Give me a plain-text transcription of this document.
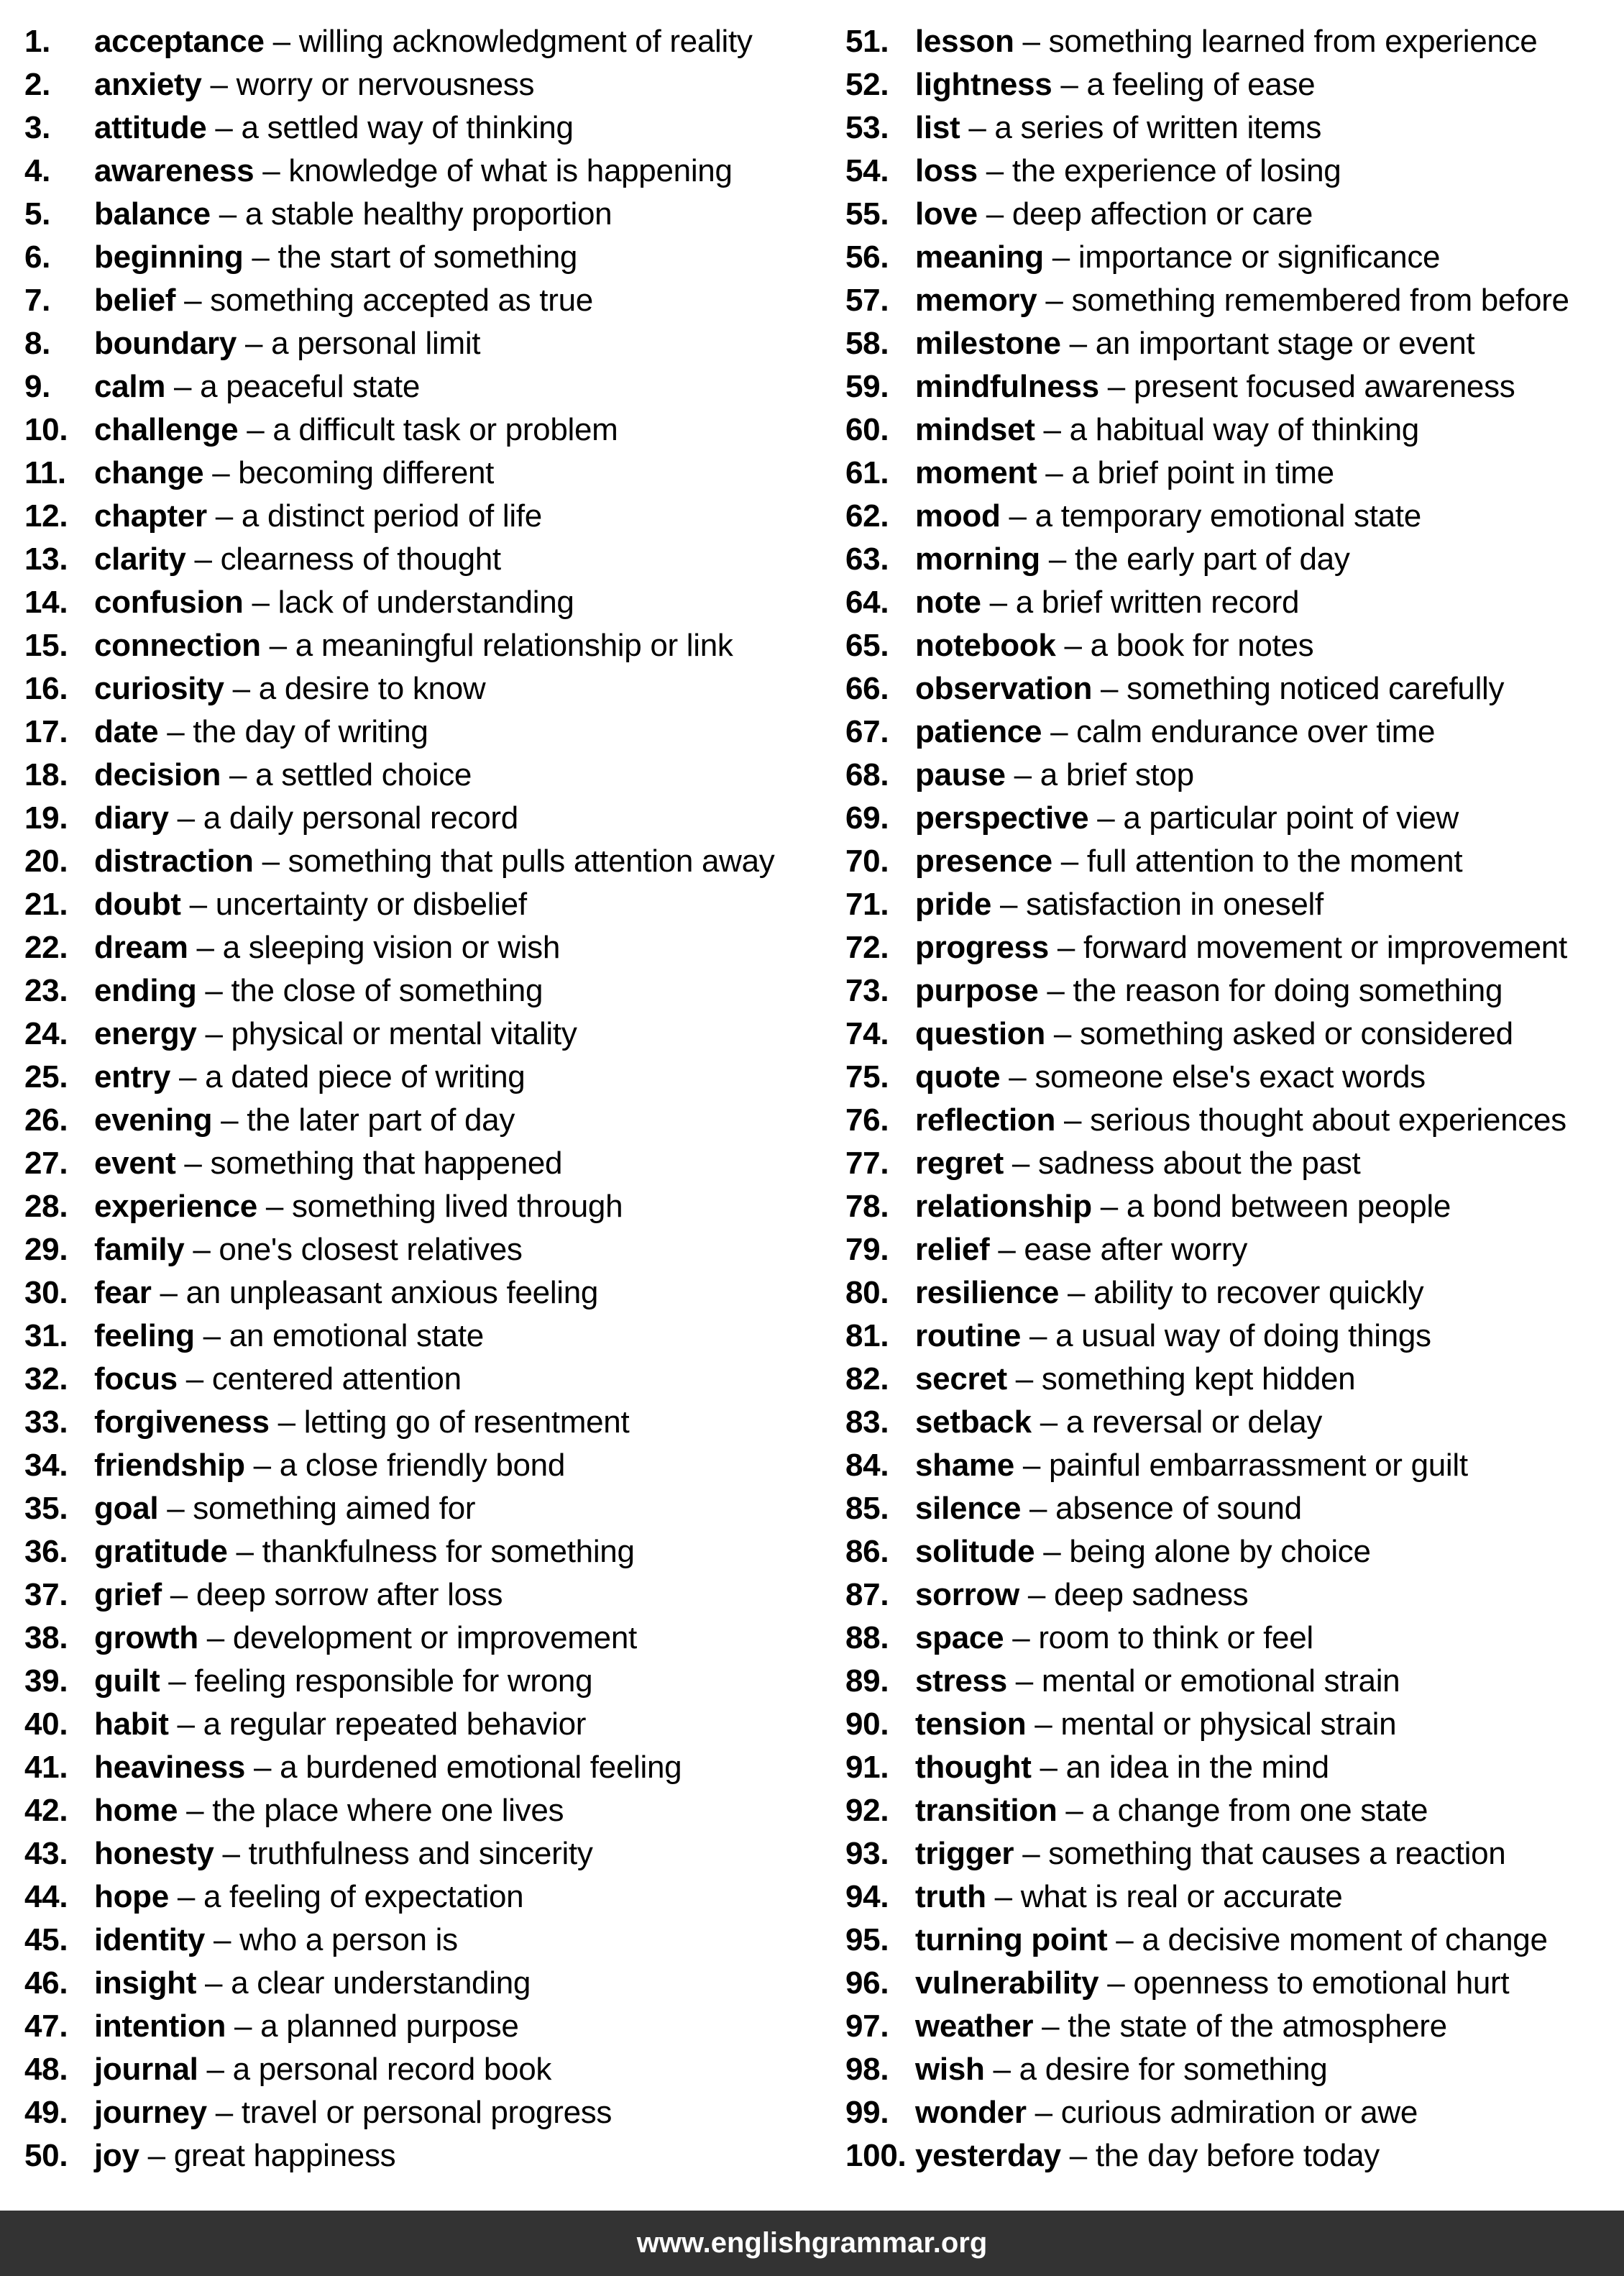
1. acceptance – willing acknowledgment of reality
2. anxiety – worry or nervousness
3. attitude – a settled way of thinking
4. awareness – knowledge of what is happening
5. balance – a stable healthy proportion
6. beginning – the start of something
7. belief – something accepted as true
8. boundary – a personal limit
9. calm – a peaceful state
10. challenge – a difficult task or problem
11. change – becoming different
12. chapter – a distinct period of life
13. clarity – clearness of thought
14. confusion – lack of understanding
15. connection – a meaningful relationship or link
16. curiosity – a desire to know
17. date – the day of writing
18. decision – a settled choice
19. diary – a daily personal record
20. distraction – something that pulls attention away
21. doubt – uncertainty or disbelief
22. dream – a sleeping vision or wish
23. ending – the close of something
24. energy – physical or mental vitality
25. entry – a dated piece of writing
26. evening – the later part of day
27. event – something that happened
28. experience – something lived through
29. family – one's closest relatives
30. fear – an unpleasant anxious feeling
31. feeling – an emotional state
32. focus – centered attention
33. forgiveness – letting go of resentment
34. friendship – a close friendly bond
35. goal – something aimed for
36. gratitude – thankfulness for something
37. grief – deep sorrow after loss
38. growth – development or improvement
39. guilt – feeling responsible for wrong
40. habit – a regular repeated behavior
41. heaviness – a burdened emotional feeling
42. home – the place where one lives
43. honesty – truthfulness and sincerity
44. hope – a feeling of expectation
45. identity – who a person is
46. insight – a clear understanding
47. intention – a planned purpose
48. journal – a personal record book
49. journey – travel or personal progress
50. joy – great happiness
51. lesson – something learned from experience
52. lightness – a feeling of ease
53. list – a series of written items
54. loss – the experience of losing
55. love – deep affection or care
56. meaning – importance or significance
57. memory – something remembered from before
58. milestone – an important stage or event
59. mindfulness – present focused awareness
60. mindset – a habitual way of thinking
61. moment – a brief point in time
62. mood – a temporary emotional state
63. morning – the early part of day
64. note – a brief written record
65. notebook – a book for notes
66. observation – something noticed carefully
67. patience – calm endurance over time
68. pause – a brief stop
69. perspective – a particular point of view
70. presence – full attention to the moment
71. pride – satisfaction in oneself
72. progress – forward movement or improvement
73. purpose – the reason for doing something
74. question – something asked or considered
75. quote – someone else's exact words
76. reflection – serious thought about experiences
77. regret – sadness about the past
78. relationship – a bond between people
79. relief – ease after worry
80. resilience – ability to recover quickly
81. routine – a usual way of doing things
82. secret – something kept hidden
83. setback – a reversal or delay
84. shame – painful embarrassment or guilt
85. silence – absence of sound
86. solitude – being alone by choice
87. sorrow – deep sadness
88. space – room to think or feel
89. stress – mental or emotional strain
90. tension – mental or physical strain
91. thought – an idea in the mind
92. transition – a change from one state
93. trigger – something that causes a reaction
94. truth – what is real or accurate
95. turning point – a decisive moment of change
96. vulnerability – openness to emotional hurt
97. weather – the state of the atmosphere
98. wish – a desire for something
99. wonder – curious admiration or awe
100. yesterday – the day before today
www.englishgrammar.org
